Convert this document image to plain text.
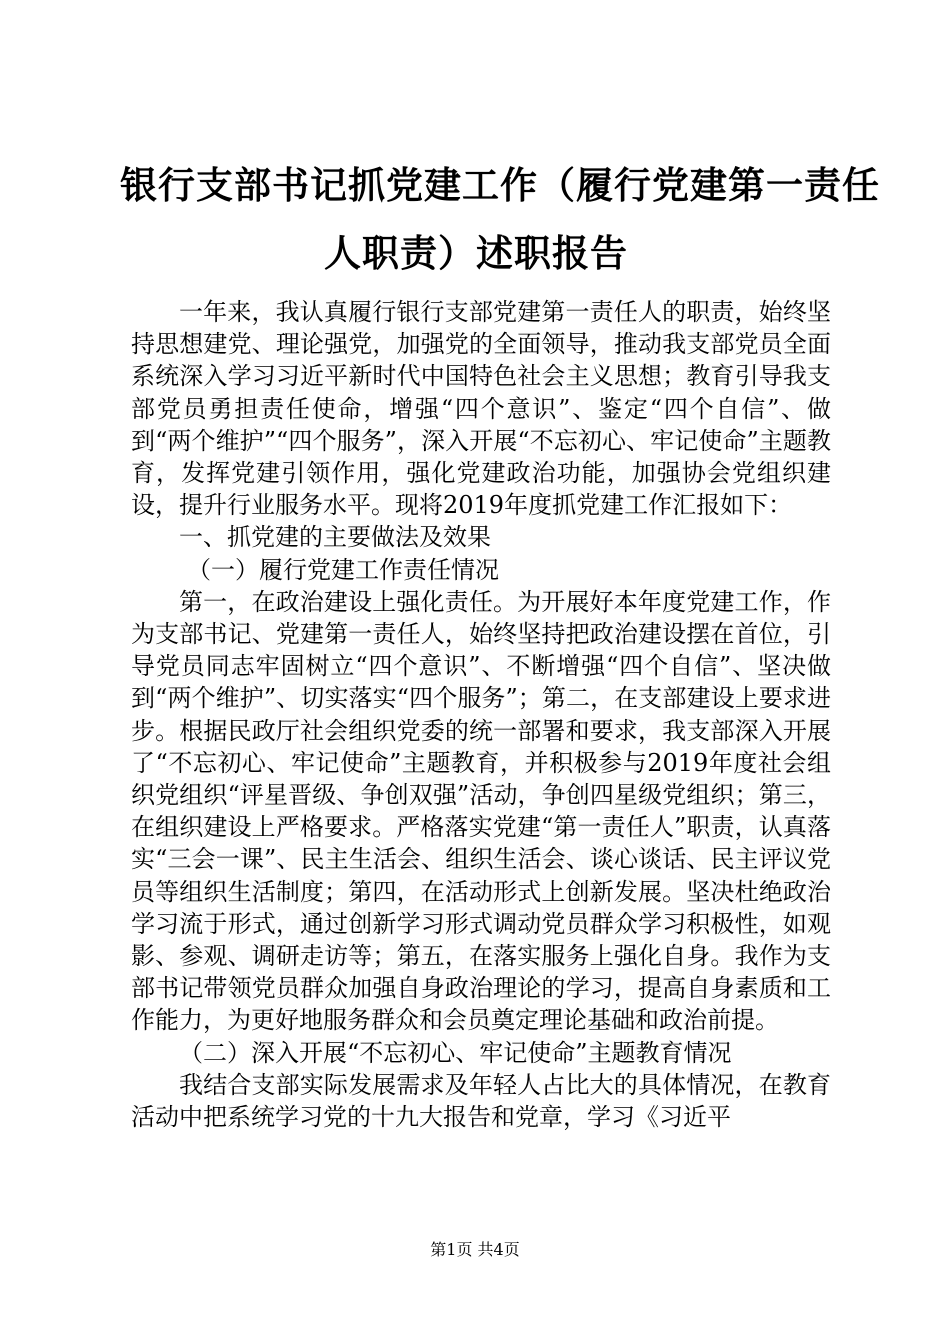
银行支部书记抓党建工作（履行党建第一责任
人职责）述职报告

一年来，我认真履行银行支部党建第一责任人的职责，始终坚持思想建党、理论强党，加强党的全面领导，推动我支部党员全面系统深入学习习近平新时代中国特色社会主义思想；教育引导我支部党员勇担责任使命，增强“四个意识”、鉴定“四个自信”、做到“两个维护”“四个服务”，深入开展“不忘初心、牢记使命”主题教育，发挥党建引领作用，强化党建政治功能，加强协会党组织建设，提升行业服务水平。现将2019年度抓党建工作汇报如下：

一、抓党建的主要做法及效果

（一）履行党建工作责任情况

第一，在政治建设上强化责任。为开展好本年度党建工作，作为支部书记、党建第一责任人，始终坚持把政治建设摆在首位，引导党员同志牢固树立“四个意识”、不断增强“四个自信”、坚决做到“两个维护”、切实落实“四个服务”；第二，在支部建设上要求进步。根据民政厅社会组织党委的统一部署和要求，我支部深入开展了“不忘初心、牢记使命”主题教育，并积极参与2019年度社会组织党组织“评星晋级、争创双强”活动，争创四星级党组织；第三，在组织建设上严格要求。严格落实党建“第一责任人”职责，认真落实“三会一课”、民主生活会、组织生活会、谈心谈话、民主评议党员等组织生活制度；第四，在活动形式上创新发展。坚决杜绝政治学习流于形式，通过创新学习形式调动党员群众学习积极性，如观影、参观、调研走访等；第五，在落实服务上强化自身。我作为支部书记带领党员群众加强自身政治理论的学习，提高自身素质和工作能力，为更好地服务群众和会员奠定理论基础和政治前提。

（二）深入开展“不忘初心、牢记使命”主题教育情况

我结合支部实际发展需求及年轻人占比大的具体情况，在教育活动中把系统学习党的十九大报告和党章，学习《习近平

第1页 共4页
